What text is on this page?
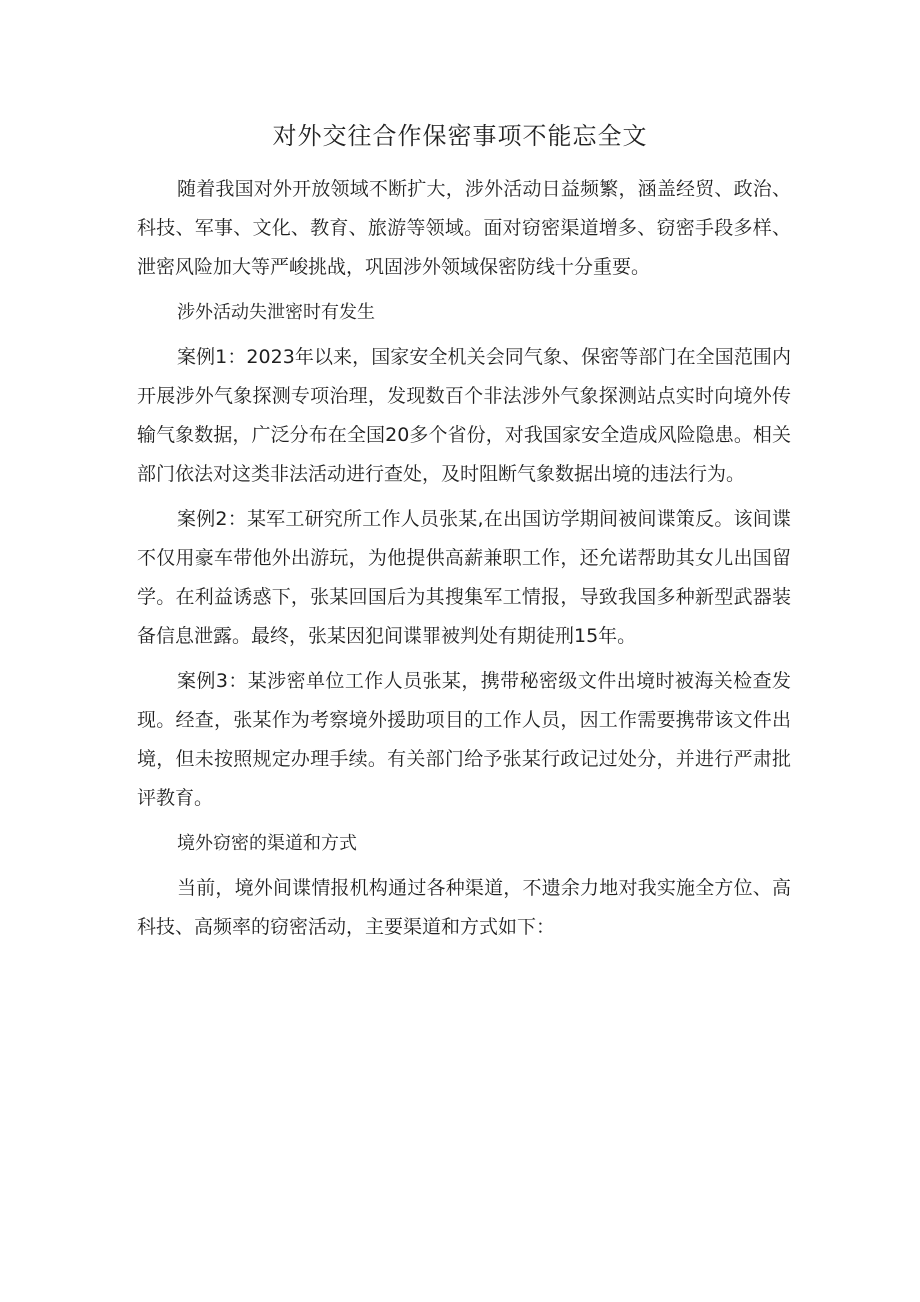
对外交往合作保密事项不能忘全文

随着我国对外开放领域不断扩大，涉外活动日益频繁，涵盖经贸、政治、科技、军事、文化、教育、旅游等领域。面对窃密渠道增多、窃密手段多样、泄密风险加大等严峻挑战，巩固涉外领域保密防线十分重要。

涉外活动失泄密时有发生

案例1：2023年以来，国家安全机关会同气象、保密等部门在全国范围内开展涉外气象探测专项治理，发现数百个非法涉外气象探测站点实时向境外传输气象数据，广泛分布在全国20多个省份，对我国家安全造成风险隐患。相关部门依法对这类非法活动进行查处，及时阻断气象数据出境的违法行为。

案例2：某军工研究所工作人员张某,在出国访学期间被间谍策反。该间谍不仅用豪车带他外出游玩，为他提供高薪兼职工作，还允诺帮助其女儿出国留学。在利益诱惑下，张某回国后为其搜集军工情报，导致我国多种新型武器装备信息泄露。最终，张某因犯间谍罪被判处有期徒刑15年。

案例3：某涉密单位工作人员张某，携带秘密级文件出境时被海关检查发现。经查，张某作为考察境外援助项目的工作人员，因工作需要携带该文件出境，但未按照规定办理手续。有关部门给予张某行政记过处分，并进行严肃批评教育。

境外窃密的渠道和方式

当前，境外间谍情报机构通过各种渠道，不遗余力地对我实施全方位、高科技、高频率的窃密活动，主要渠道和方式如下：
